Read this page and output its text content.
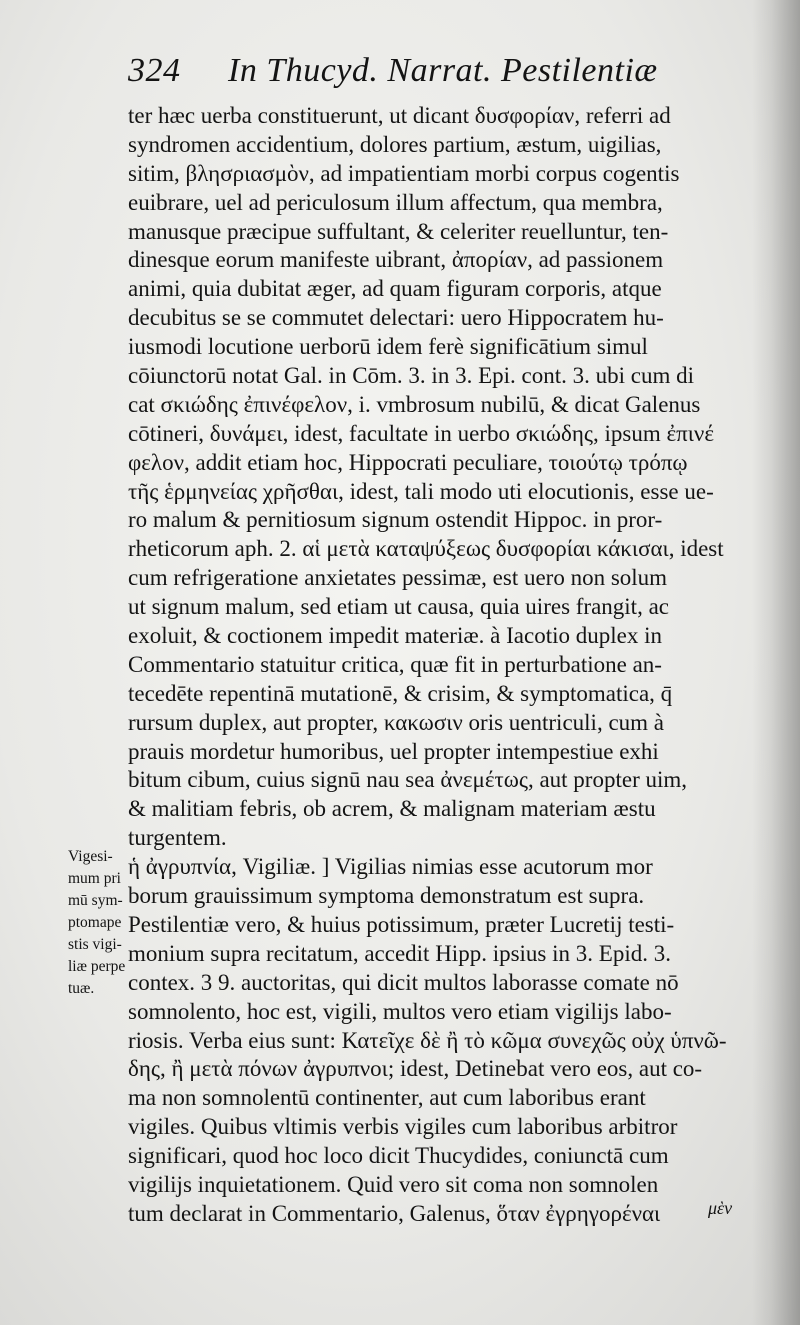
324 In Thucyd. Narrat. Pestilentiæ
ter hæc uerba constituerunt, ut dicant δυσφορίαν, referri ad
syndromen accidentium, dolores partium, æstum, uigilias,
sitim, βλησριασμὸν, ad impatientiam morbi corpus cogentis
euibrare, uel ad periculosum illum affectum, qua membra,
manusque præcipue suffultant, & celeriter reuelluntur, ten-
dinesque eorum manifeste uibrant, ἀπορίαν, ad passionem
animi, quia dubitat æger, ad quam figuram corporis, atque
decubitus se se commutet delectari: uero Hippocratem hu-
iusmodi locutione uerborū idem ferè significātium simul
cōiunctorū notat Gal. in Cōm. 3. in 3. Epi. cont. 3. ubi cum di
cat σκιώδης ἐπινέφελον, i. vmbrosum nubilū, & dicat Galenus
cōtineri, δυνάμει, idest, facultate in uerbo σκιώδης, ipsum ἐπινέ
φελον, addit etiam hoc, Hippocrati peculiare, τοιούτῳ τρόπῳ
τῆς ἑρμηνείας χρῆσθαι, idest, tali modo uti elocutionis, esse ue-
ro malum & pernitiosum signum ostendit Hippoc. in pror-
rheticorum aph. 2. αἱ μετὰ καταψύξεως δυσφορίαι κάκισαι, idest
cum refrigeratione anxietates pessimæ, est uero non solum
ut signum malum, sed etiam ut causa, quia uires frangit, ac
exoluit, & coctionem impedit materiæ. à Iacotio duplex in
Commentario statuitur critica, quæ fit in perturbatione an-
tecedēte repentinā mutationē, & crisim, & symptomatica, q̄
rursum duplex, aut propter, κακωσιν oris uentriculi, cum à
prauis mordetur humoribus, uel propter intempestiue exhi
bitum cibum, cuius signū nau sea ἀνεμέτως, aut propter uim,
& malitiam febris, ob acrem, & malignam materiam æstu
turgentem.
ἡ ἀγρυπνία, Vigiliæ. ] Vigilias nimias esse acutorum mor
borum grauissimum symptoma demonstratum est supra.
Pestilentiæ vero, & huius potissimum, præter Lucretij testi-
monium supra recitatum, accedit Hipp. ipsius in 3. Epid. 3.
contex. 3 9. auctoritas, qui dicit multos laborasse comate nō
somnolento, hoc est, vigili, multos vero etiam vigilijs labo-
riosis. Verba eius sunt: Κατεῖχε δὲ ἢ τὸ κῶμα συνεχῶς οὐχ ὑπνῶ-
δης, ἢ μετὰ πόνων ἀγρυπνοι; idest, Detinebat vero eos, aut co-
ma non somnolentū continenter, aut cum laboribus erant
vigiles. Quibus vltimis verbis vigiles cum laboribus arbitror
significari, quod hoc loco dicit Thucydides, coniunctā cum
vigilijs inquietationem. Quid vero sit coma non somnolen
tum declarat in Commentario, Galenus, ὅταν ἐγρηγορέναι
Vigesi-
mum pri
mū sym-
ptomape
stis vigi-
liæ perpe
tuæ.
μὲν
